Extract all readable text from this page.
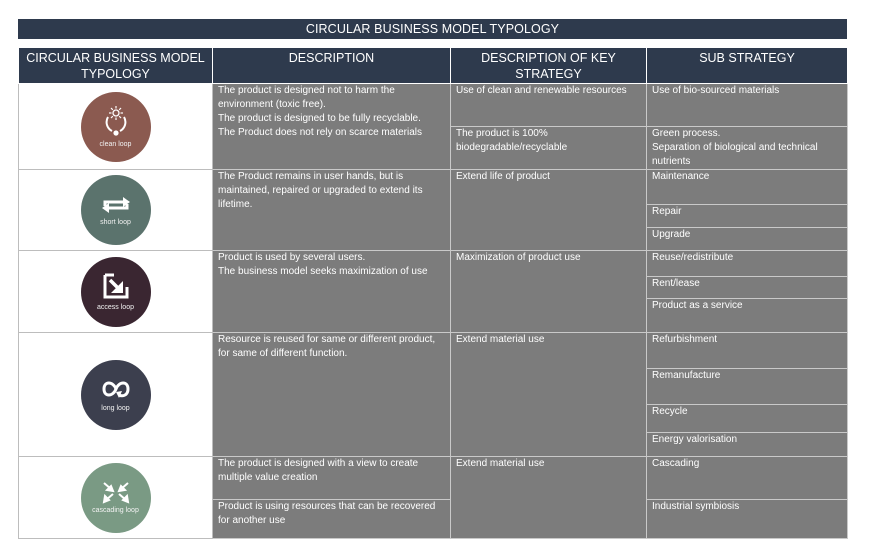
CIRCULAR BUSINESS MODEL TYPOLOGY
CIRCULAR BUSINESS MODEL TYPOLOGY	DESCRIPTION	DESCRIPTION OF KEY STRATEGY	SUB STRATEGY

clean loop	The product is designed not to harm the environment (toxic free).
The product is designed to be fully recyclable.
The Product does not rely on scarce materials	Use of clean and renewable resources	Use of bio-sourced materials
		The product is 100% biodegradable/recyclable	Green process.
Separation of biological and technical nutrients

short loop	The Product remains in user hands, but is maintained, repaired or upgraded to extend its lifetime.	Extend life of product	Maintenance
			Repair
			Upgrade

access loop	Product is used by several users.
The business model seeks maximization of use	Maximization of product use	Reuse/redistribute
			Rent/lease
			Product as a service

long loop	Resource is reused for same or different product, for same of different function.	Extend material use	Refurbishment
			Remanufacture
			Recycle
			Energy valorisation

cascading loop	The product is designed with a view to create multiple value creation	Extend material use	Cascading
	Product is using resources that can be recovered for another use		Industrial symbiosis
